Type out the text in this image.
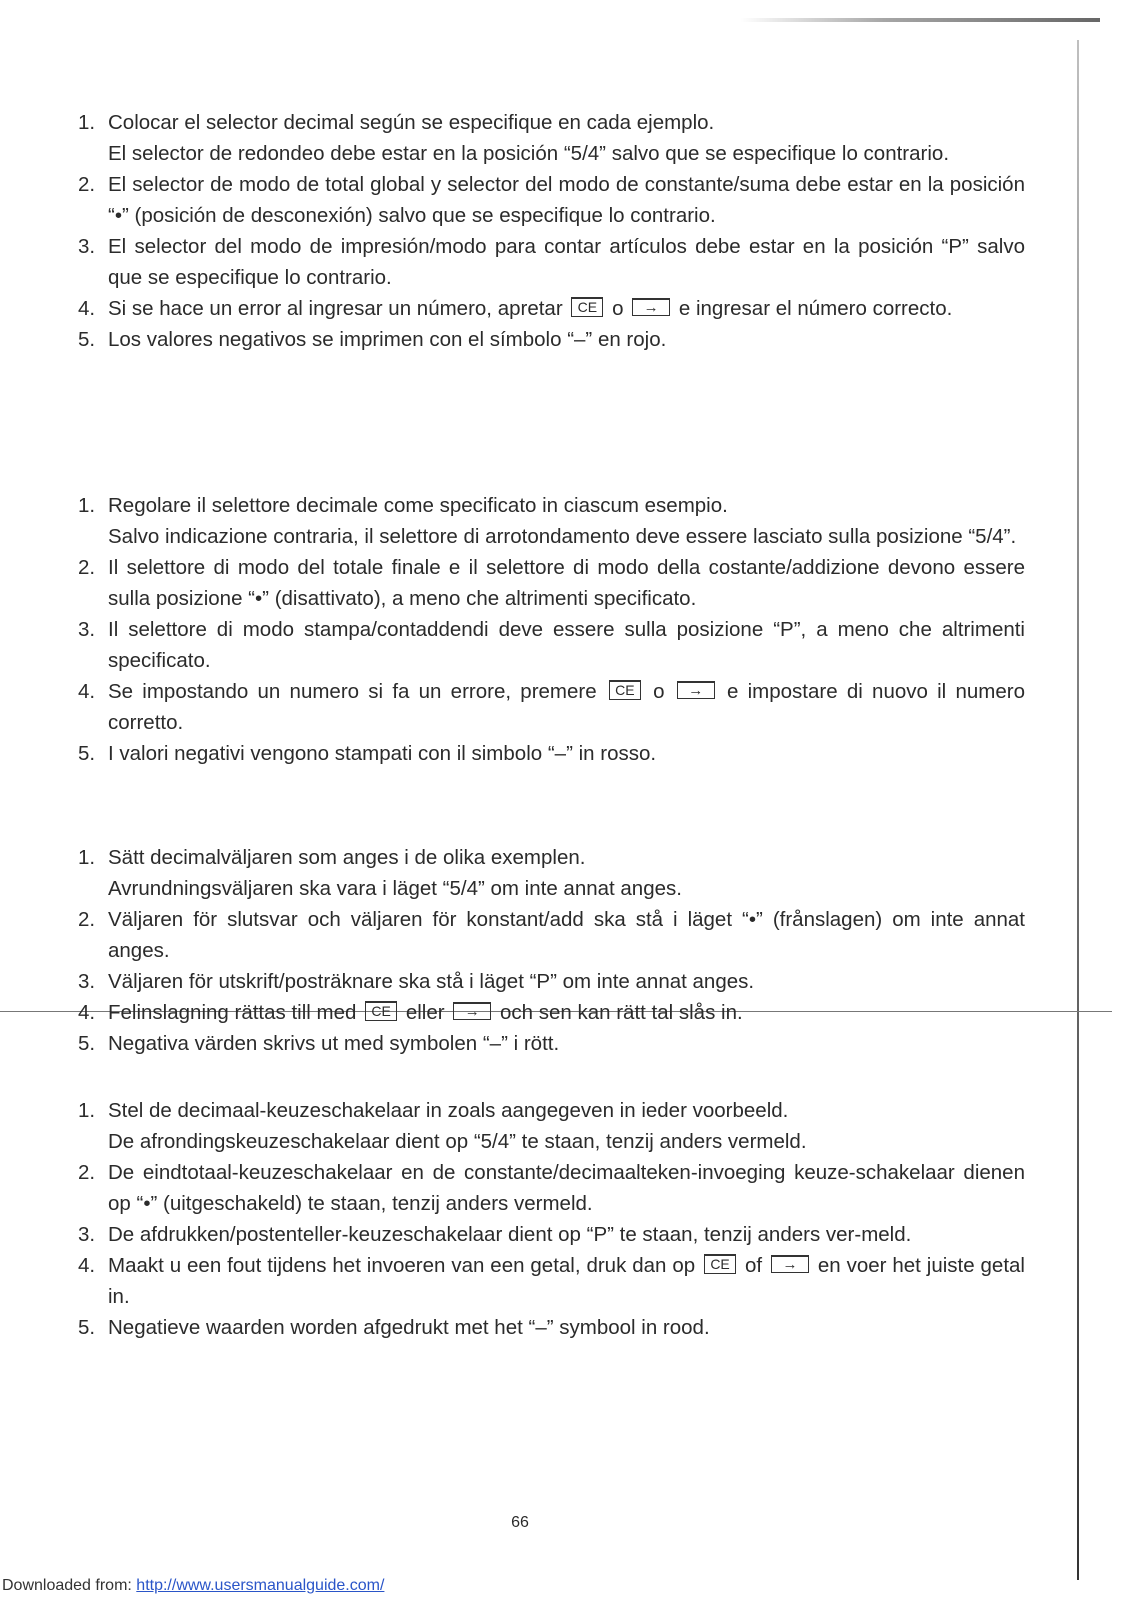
1. Colocar el selector decimal según se especifique en cada ejemplo.
El selector de redondeo debe estar en la posición “5/4” salvo que se especifique lo contrario.
2. El selector de modo de total global y selector del modo de constante/suma debe estar en la posición “•” (posición de desconexión) salvo que se especifique lo contrario.
3. El selector del modo de impresión/modo para contar artículos debe estar en la posición “P” salvo que se especifique lo contrario.
4. Si se hace un error al ingresar un número, apretar CE o → e ingresar el número correcto.
5. Los valores negativos se imprimen con el símbolo “–” en rojo.
1. Regolare il selettore decimale come specificato in ciascum esempio.
Salvo indicazione contraria, il selettore di arrotondamento deve essere lasciato sulla posizione “5/4”.
2. Il selettore di modo del totale finale e il selettore di modo della costante/addizione devono essere sulla posizione “•” (disattivato), a meno che altrimenti specificato.
3. Il selettore di modo stampa/contaddendi deve essere sulla posizione “P”, a meno che altrimenti specificato.
4. Se impostando un numero si fa un errore, premere CE o → e impostare di nuovo il numero corretto.
5. I valori negativi vengono stampati con il simbolo “–” in rosso.
1. Sätt decimalväljaren som anges i de olika exemplen.
Avrundningsväljaren ska vara i läget “5/4” om inte annat anges.
2. Väljaren för slutsvar och väljaren för konstant/add ska stå i läget “•” (frånslagen) om inte annat anges.
3. Väljaren för utskrift/posträknare ska stå i läget “P” om inte annat anges.
4. Felinslagning rättas till med CE eller → och sen kan rätt tal slås in.
5. Negativa värden skrivs ut med symbolen “–” i rött.
1. Stel de decimaal-keuzeschakelaar in zoals aangegeven in ieder voorbeeld.
De afrondingskeuzeschakelaar dient op “5/4” te staan, tenzij anders vermeld.
2. De eindtotaal-keuzeschakelaar en de constante/decimaalteken-invoeging keuze-schakelaar dienen op “•” (uitgeschakeld) te staan, tenzij anders vermeld.
3. De afdrukken/postenteller-keuzeschakelaar dient op “P” te staan, tenzij anders ver-meld.
4. Maakt u een fout tijdens het invoeren van een getal, druk dan op CE of → en voer het juiste getal in.
5. Negatieve waarden worden afgedrukt met het “–” symbool in rood.
66
Downloaded from: http://www.usersmanualguide.com/
